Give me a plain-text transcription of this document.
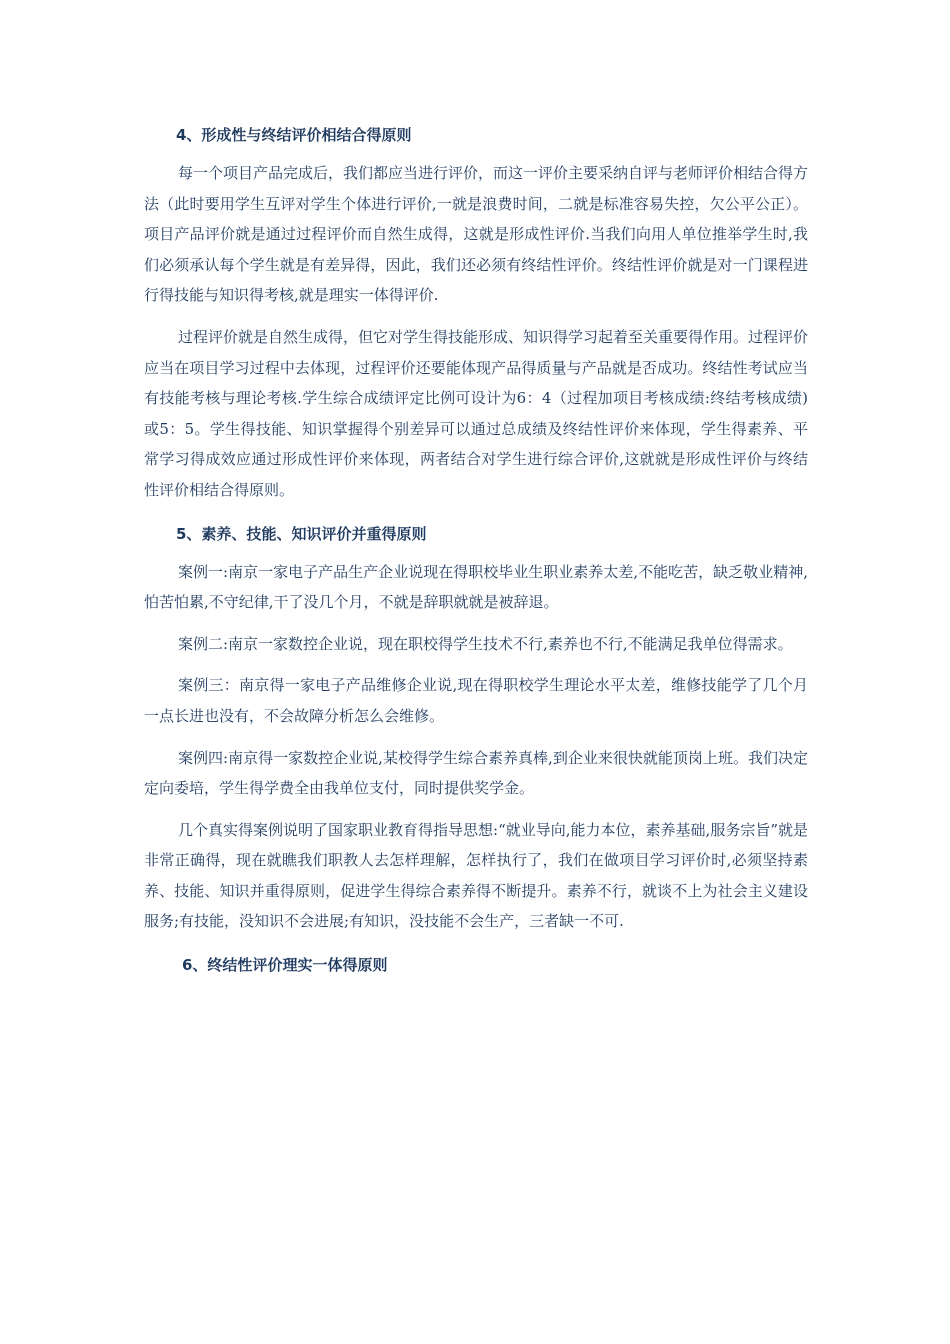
4、形成性与终结评价相结合得原则

每一个项目产品完成后，我们都应当进行评价，而这一评价主要采纳自评与老师评价相结合得方法（此时要用学生互评对学生个体进行评价,一就是浪费时间，二就是标准容易失控，欠公平公正）。项目产品评价就是通过过程评价而自然生成得，这就是形成性评价.当我们向用人单位推举学生时,我们必须承认每个学生就是有差异得，因此，我们还必须有终结性评价。终结性评价就是对一门课程进行得技能与知识得考核,就是理实一体得评价.

过程评价就是自然生成得，但它对学生得技能形成、知识得学习起着至关重要得作用。过程评价应当在项目学习过程中去体现，过程评价还要能体现产品得质量与产品就是否成功。终结性考试应当有技能考核与理论考核.学生综合成绩评定比例可设计为6：4（过程加项目考核成绩:终结考核成绩)或5：5。学生得技能、知识掌握得个别差异可以通过总成绩及终结性评价来体现，学生得素养、平常学习得成效应通过形成性评价来体现，两者结合对学生进行综合评价,这就就是形成性评价与终结性评价相结合得原则。

5、素养、技能、知识评价并重得原则

案例一:南京一家电子产品生产企业说现在得职校毕业生职业素养太差,不能吃苦，缺乏敬业精神,怕苦怕累,不守纪律,干了没几个月，不就是辞职就就是被辞退。

案例二:南京一家数控企业说，现在职校得学生技术不行,素养也不行,不能满足我单位得需求。

案例三：南京得一家电子产品维修企业说,现在得职校学生理论水平太差，维修技能学了几个月一点长进也没有，不会故障分析怎么会维修。

案例四:南京得一家数控企业说,某校得学生综合素养真棒,到企业来很快就能顶岗上班。我们决定定向委培，学生得学费全由我单位支付，同时提供奖学金。

几个真实得案例说明了国家职业教育得指导思想:“就业导向,能力本位，素养基础,服务宗旨”就是非常正确得，现在就瞧我们职教人去怎样理解，怎样执行了，我们在做项目学习评价时,必须坚持素养、技能、知识并重得原则，促进学生得综合素养得不断提升。素养不行，就谈不上为社会主义建设服务;有技能，没知识不会进展;有知识，没技能不会生产，三者缺一不可.

6、终结性评价理实一体得原则
